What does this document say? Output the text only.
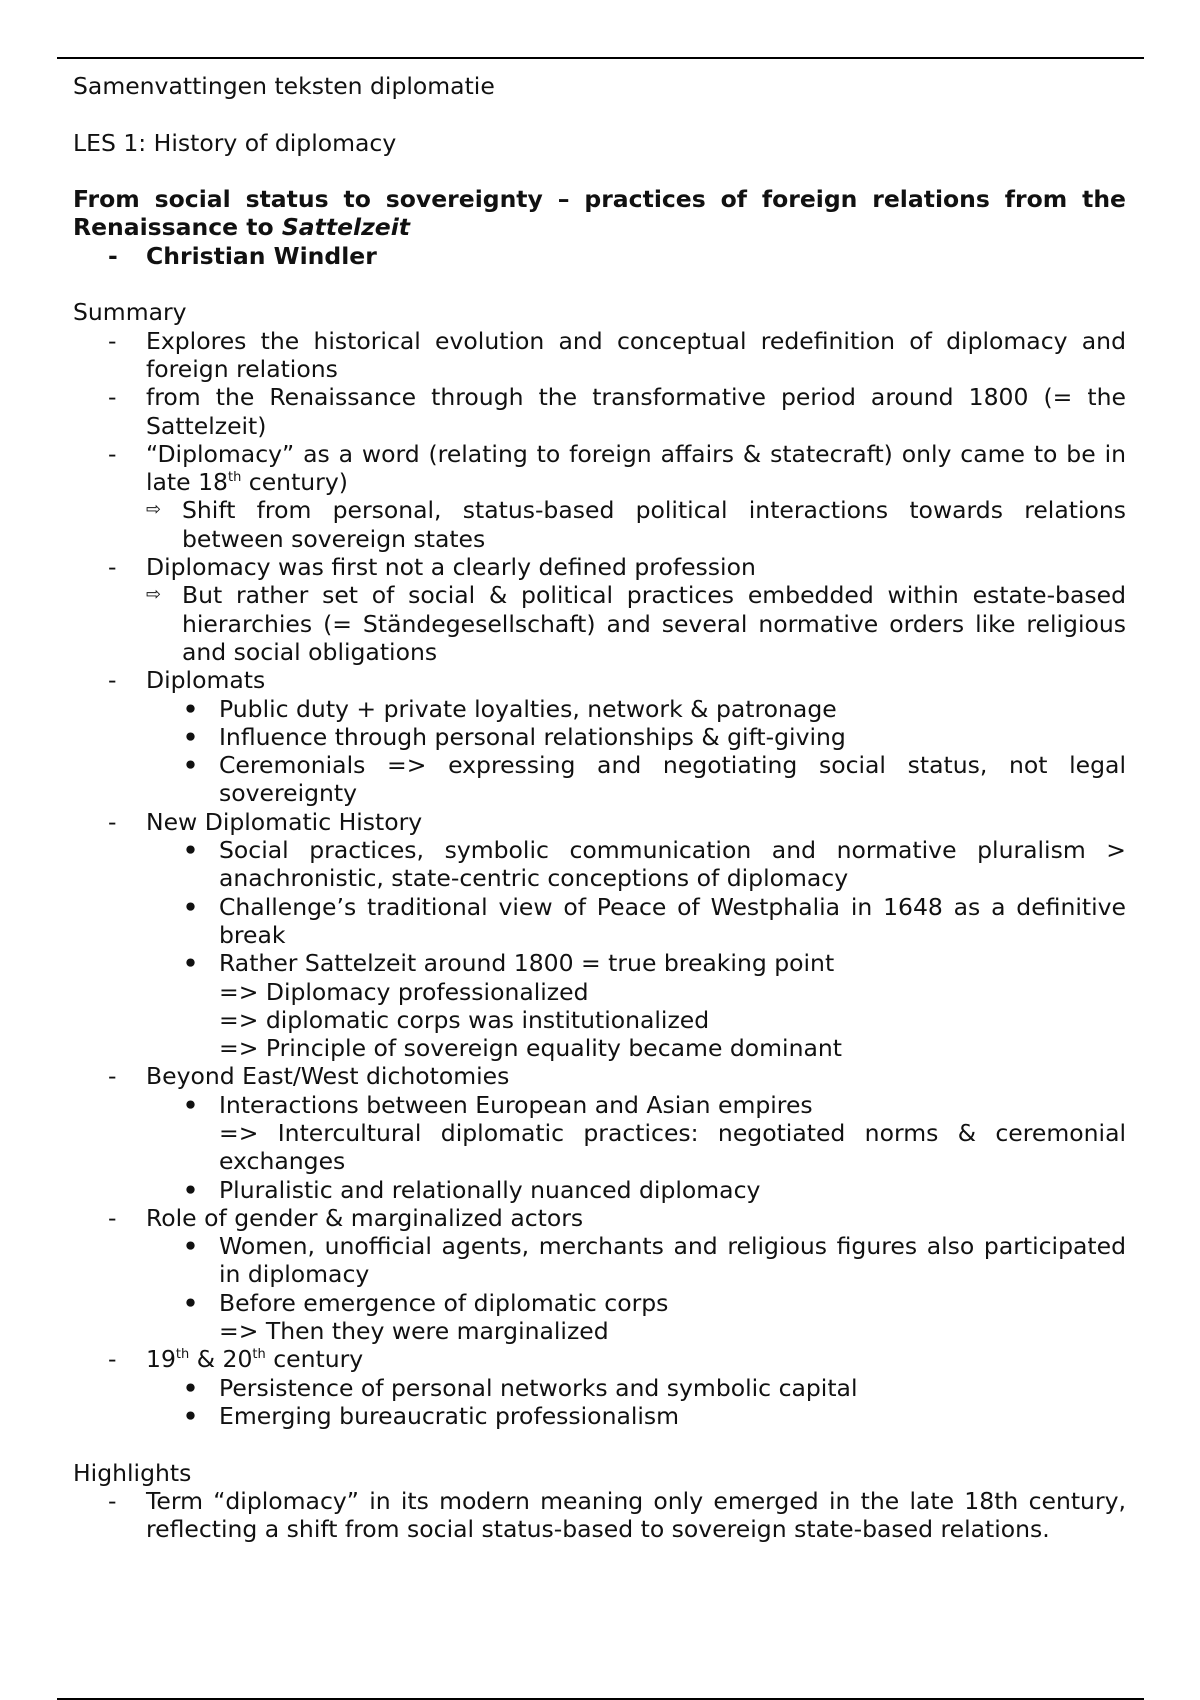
Samenvattingen teksten diplomatie

LES 1: History of diplomacy

From social status to sovereignty – practices of foreign relations from the Renaissance to Sattelzeit

- Christian Windler

Summary

- Explores the historical evolution and conceptual redefinition of diplomacy and foreign relations
- from the Renaissance through the transformative period around 1800 (= the Sattelzeit)
- “Diplomacy” as a word (relating to foreign affairs & statecraft) only came to be in late 18th century)
⇨ Shift from personal, status-based political interactions towards relations between sovereign states
- Diplomacy was first not a clearly defined profession
⇨ But rather set of social & political practices embedded within estate-based hierarchies (= Ständegesellschaft) and several normative orders like religious and social obligations
- Diplomats
• Public duty + private loyalties, network & patronage
• Influence through personal relationships & gift-giving
• Ceremonials => expressing and negotiating social status, not legal sovereignty
- New Diplomatic History
• Social practices, symbolic communication and normative pluralism > anachronistic, state-centric conceptions of diplomacy
• Challenge’s traditional view of Peace of Westphalia in 1648 as a definitive break
• Rather Sattelzeit around 1800 = true breaking point
=> Diplomacy professionalized
=> diplomatic corps was institutionalized
=> Principle of sovereign equality became dominant
- Beyond East/West dichotomies
• Interactions between European and Asian empires
=> Intercultural diplomatic practices: negotiated norms & ceremonial exchanges
• Pluralistic and relationally nuanced diplomacy
- Role of gender & marginalized actors
• Women, unofficial agents, merchants and religious figures also participated in diplomacy
• Before emergence of diplomatic corps
=> Then they were marginalized
- 19th & 20th century
• Persistence of personal networks and symbolic capital
• Emerging bureaucratic professionalism

Highlights

- Term “diplomacy” in its modern meaning only emerged in the late 18th century, reflecting a shift from social status-based to sovereign state-based relations.
